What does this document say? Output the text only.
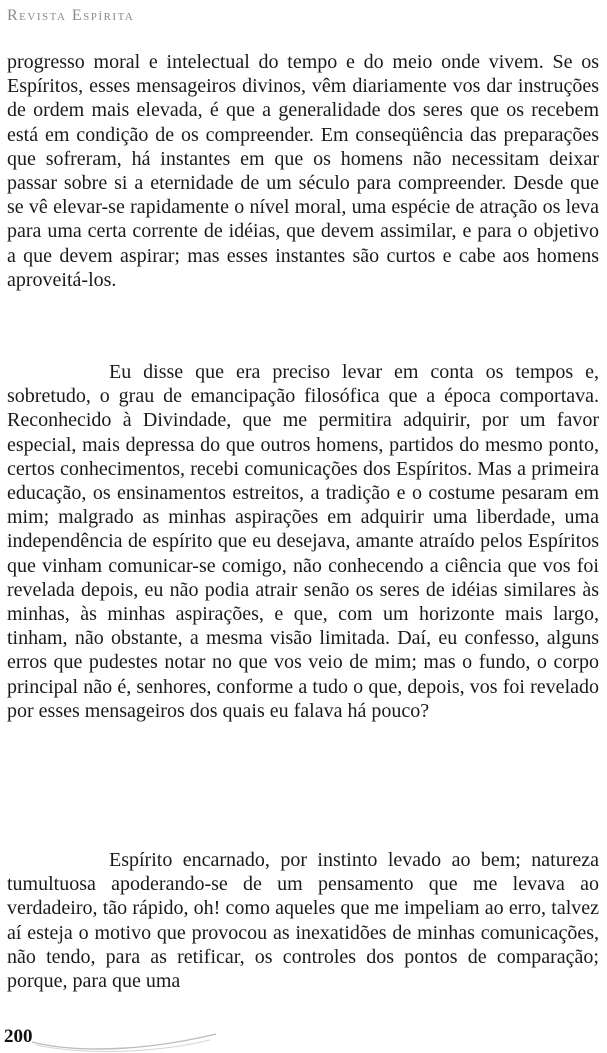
Revista Espírita

progresso moral e intelectual do tempo e do meio onde vivem. Se os Espíritos, esses mensageiros divinos, vêm diariamente vos dar instruções de ordem mais elevada, é que a generalidade dos seres que os recebem está em condição de os compreender. Em conseqüência das preparações que sofreram, há instantes em que os homens não necessitam deixar passar sobre si a eternidade de um século para compreender. Desde que se vê elevar-se rapidamente o nível moral, uma espécie de atração os leva para uma certa corrente de idéias, que devem assimilar, e para o objetivo a que devem aspirar; mas esses instantes são curtos e cabe aos homens aproveitá-los.

Eu disse que era preciso levar em conta os tempos e, sobretudo, o grau de emancipação filosófica que a época comportava. Reconhecido à Divindade, que me permitira adquirir, por um favor especial, mais depressa do que outros homens, partidos do mesmo ponto, certos conhecimentos, recebi comunicações dos Espíritos. Mas a primeira educação, os ensinamentos estreitos, a tradição e o costume pesaram em mim; malgrado as minhas aspirações em adquirir uma liberdade, uma independência de espírito que eu desejava, amante atraído pelos Espíritos que vinham comunicar-se comigo, não conhecendo a ciência que vos foi revelada depois, eu não podia atrair senão os seres de idéias similares às minhas, às minhas aspirações, e que, com um horizonte mais largo, tinham, não obstante, a mesma visão limitada. Daí, eu confesso, alguns erros que pudestes notar no que vos veio de mim; mas o fundo, o corpo principal não é, senhores, conforme a tudo o que, depois, vos foi revelado por esses mensageiros dos quais eu falava há pouco?

Espírito encarnado, por instinto levado ao bem; natureza tumultuosa apoderando-se de um pensamento que me levava ao verdadeiro, tão rápido, oh! como aqueles que me impeliam ao erro, talvez aí esteja o motivo que provocou as inexatidões de minhas comunicações, não tendo, para as retificar, os controles dos pontos de comparação; porque, para que uma

200
